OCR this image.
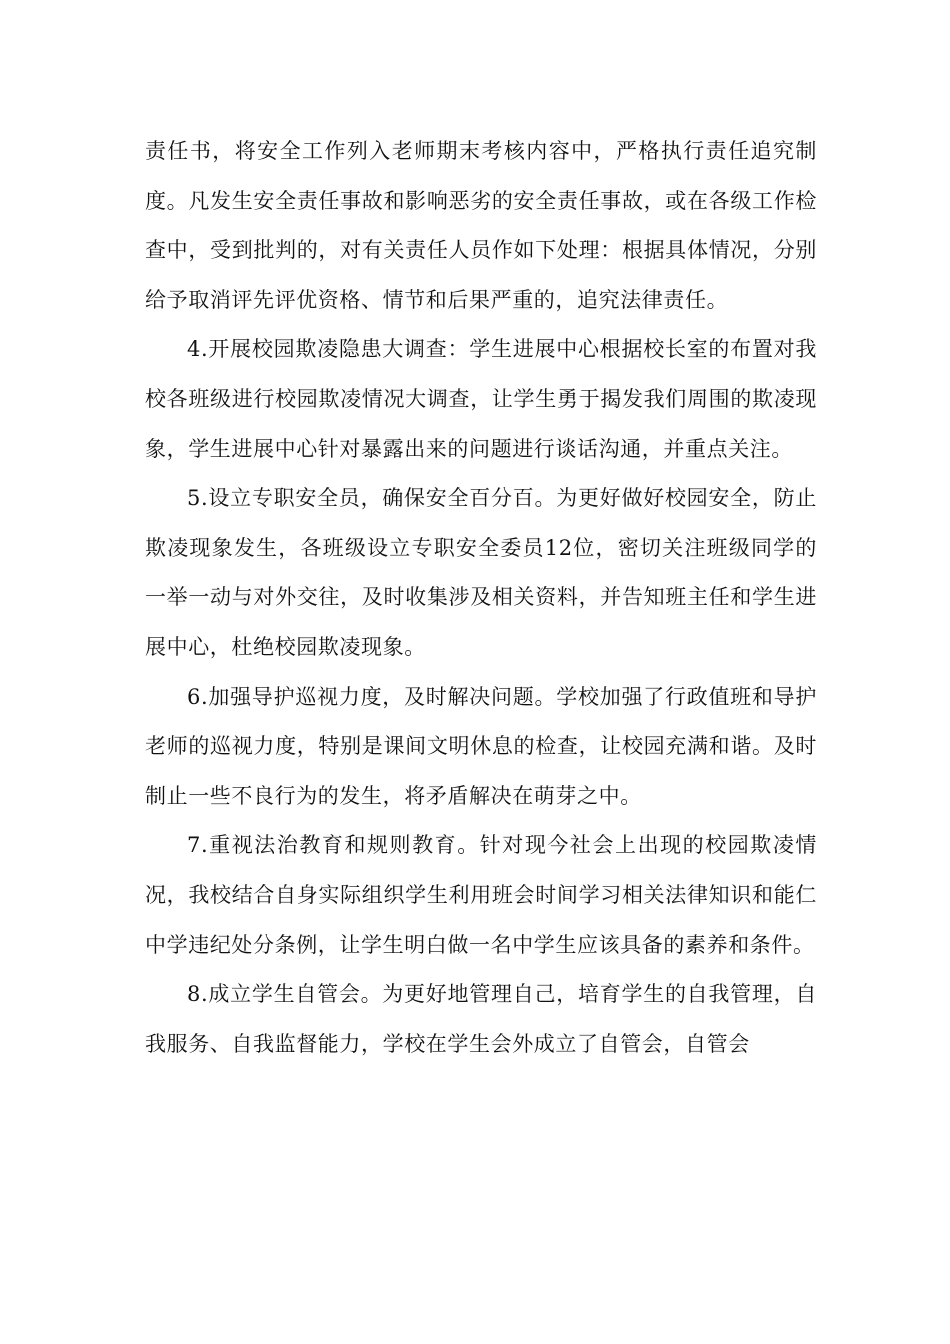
责任书，将安全工作列入老师期末考核内容中，严格执行责任追究制度。凡发生安全责任事故和影响恶劣的安全责任事故，或在各级工作检查中，受到批判的，对有关责任人员作如下处理：根据具体情况，分别给予取消评先评优资格、情节和后果严重的，追究法律责任。

4.开展校园欺凌隐患大调查：学生进展中心根据校长室的布置对我校各班级进行校园欺凌情况大调查，让学生勇于揭发我们周围的欺凌现象，学生进展中心针对暴露出来的问题进行谈话沟通，并重点关注。

5.设立专职安全员，确保安全百分百。为更好做好校园安全，防止欺凌现象发生，各班级设立专职安全委员12位，密切关注班级同学的一举一动与对外交往，及时收集涉及相关资料，并告知班主任和学生进展中心，杜绝校园欺凌现象。

6.加强导护巡视力度，及时解决问题。学校加强了行政值班和导护老师的巡视力度，特别是课间文明休息的检查，让校园充满和谐。及时制止一些不良行为的发生，将矛盾解决在萌芽之中。

7.重视法治教育和规则教育。针对现今社会上出现的校园欺凌情况，我校结合自身实际组织学生利用班会时间学习相关法律知识和能仁中学违纪处分条例，让学生明白做一名中学生应该具备的素养和条件。

8.成立学生自管会。为更好地管理自己，培育学生的自我管理，自我服务、自我监督能力，学校在学生会外成立了自管会，自管会
